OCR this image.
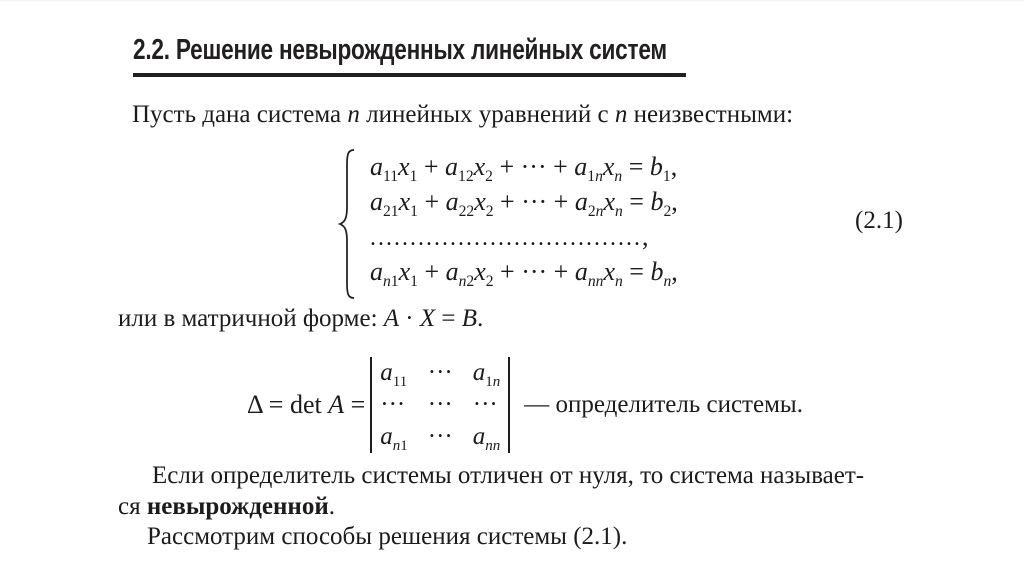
2.2. Решение невырожденных линейных систем

Пусть дана система n линейных уравнений с n неизвестными:

$a_{11}x_1 + a_{12}x_2$ + ··· + $a_{1n}x_n = b_1$,
$a_{21}x_1 + a_{22}x_2$ + ··· + $a_{2n}x_n = b_2$,
..................................,
$a_{n1}x_1 + a_{n2}x_2$ + ··· + $a_{nn}x_n = b_n$,
(2.1)

или в матричной форме: A · X = B.

Δ = det A =
$a_{11}$ ··· $a_{1n}$
··· ··· ···
$a_{n1}$ ··· $a_{nn}$
— определитель системы.

Если определитель системы отличен от нуля, то система называет-

ся невырожденной.

Рассмотрим способы решения системы (2.1).
